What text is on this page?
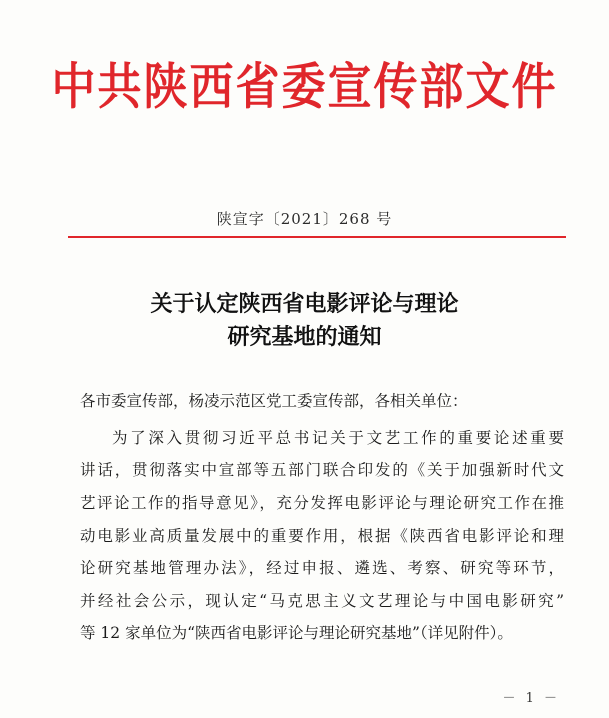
中共陕西省委宣传部文件
陕宣字〔2021〕268 号
关于认定陕西省电影评论与理论
研究基地的通知
各市委宣传部，杨凌示范区党工委宣传部，各相关单位：
为了深入贯彻习近平总书记关于文艺工作的重要论述重要
讲话，贯彻落实中宣部等五部门联合印发的《关于加强新时代文
艺评论工作的指导意见》，充分发挥电影评论与理论研究工作在推
动电影业高质量发展中的重要作用，根据《陕西省电影评论和理
论研究基地管理办法》，经过申报、遴选、考察、研究等环节，
并经社会公示，现认定“马克思主义文艺理论与中国电影研究”
等 12 家单位为“陕西省电影评论与理论研究基地”（详见附件）。
－ 1 －
